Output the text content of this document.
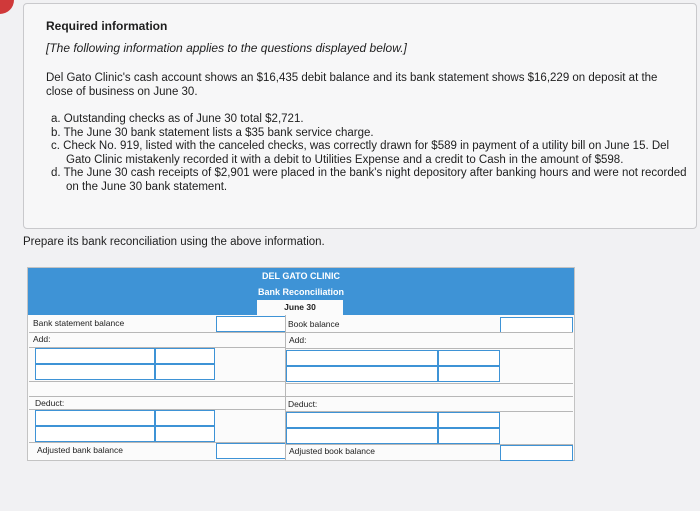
Required information
[The following information applies to the questions displayed below.]
Del Gato Clinic's cash account shows an $16,435 debit balance and its bank statement shows $16,229 on deposit at the close of business on June 30.
a. Outstanding checks as of June 30 total $2,721.
b. The June 30 bank statement lists a $35 bank service charge.
c. Check No. 919, listed with the canceled checks, was correctly drawn for $589 in payment of a utility bill on June 15. Del Gato Clinic mistakenly recorded it with a debit to Utilities Expense and a credit to Cash in the amount of $598.
d. The June 30 cash receipts of $2,901 were placed in the bank's night depository after banking hours and were not recorded on the June 30 bank statement.
Prepare its bank reconciliation using the above information.
DEL GATO CLINIC
Bank Reconciliation
June 30
Bank statement balance
Add:
Deduct:
Adjusted bank balance
Book balance
Add:
Deduct:
Adjusted book balance
